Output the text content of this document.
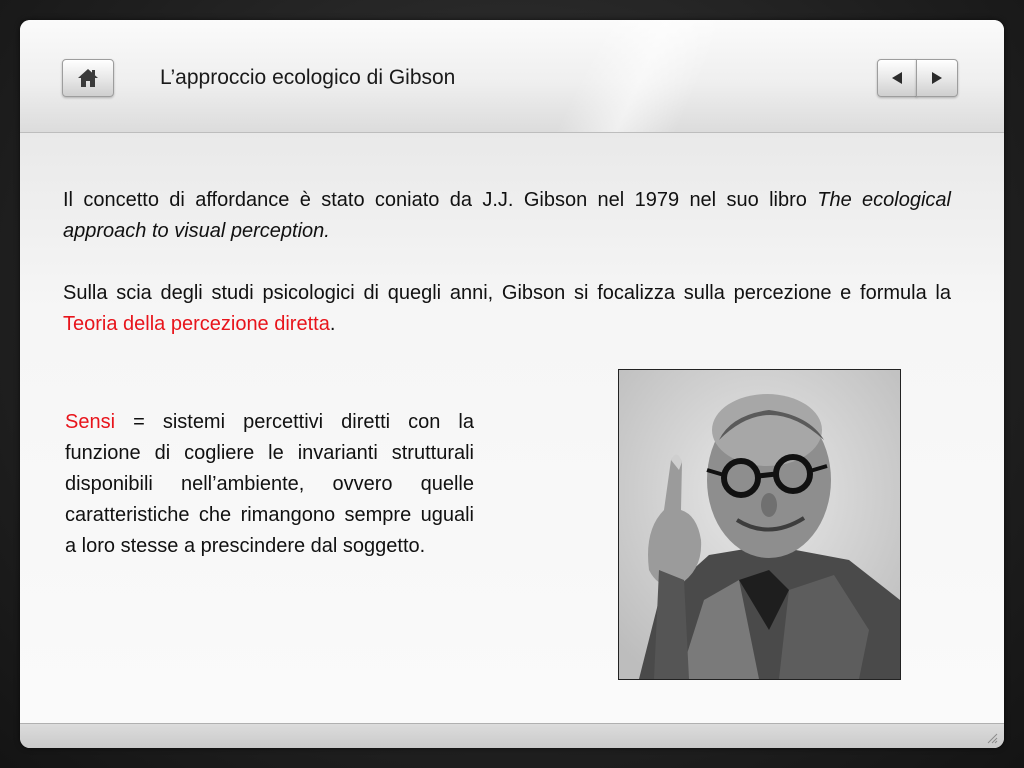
L’approccio ecologico di Gibson
Il concetto di affordance è stato coniato da J.J. Gibson nel 1979 nel suo libro The ecological approach to visual perception.
Sulla scia degli studi psicologici di quegli anni, Gibson si focalizza sulla percezione e formula la Teoria della percezione diretta.
Sensi = sistemi percettivi diretti con la funzione di cogliere le invarianti strutturali disponibili nell’ambiente, ovvero quelle caratteristiche che rimangono sempre uguali a loro stesse a prescindere dal soggetto.
